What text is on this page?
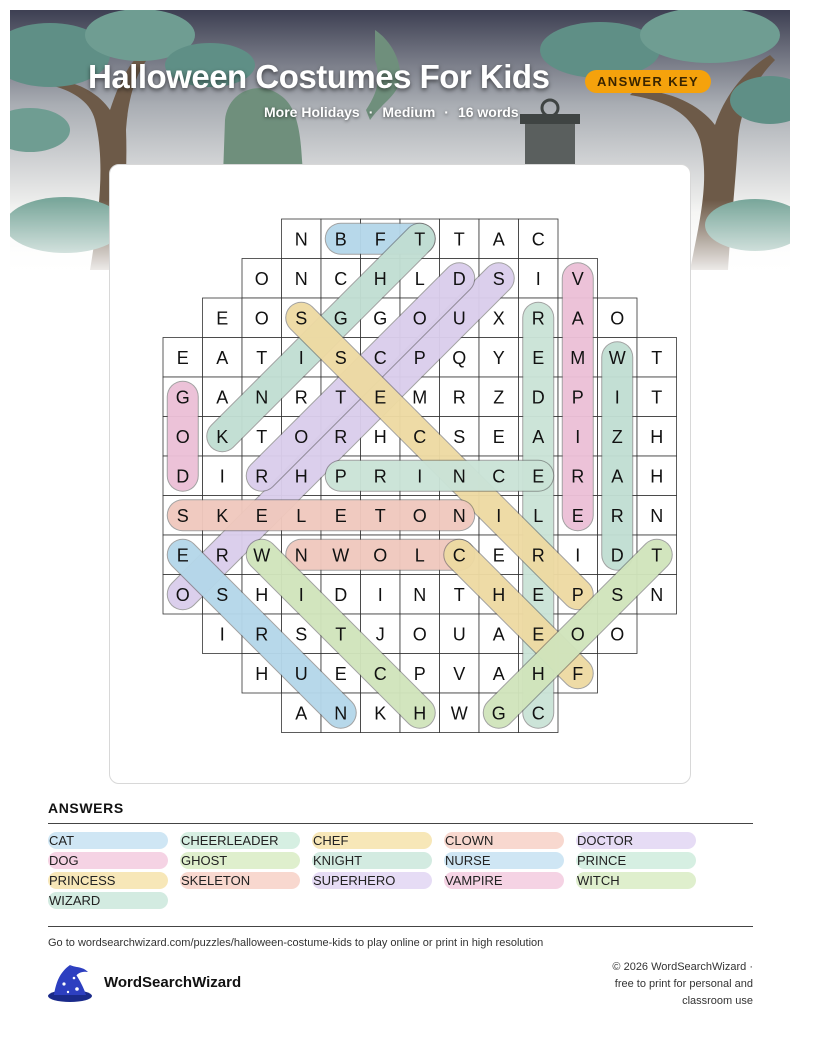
Halloween Costumes For Kids	ANSWER KEY
More Holidays · Medium · 16 words
N B F T T A C
O N C H L D S I V
E O S G G O U X R A O
E A T I S C P Q Y E M W T
G A N R T E M R Z D P I T
O K T O R H C S E A I Z H
D I R H P R I N C E R A H
S K E L E T O N I L E R N
E R W N W O L C E R I D T
O S H I D I N T H E P S N
I R S T J O U A E O O
H U E C P V A H F
A N K H W G C
ANSWERS
CAT	CHEERLEADER	CHEF	CLOWN	DOCTOR
DOG	GHOST	KNIGHT	NURSE	PRINCE
PRINCESS	SKELETON	SUPERHERO	VAMPIRE	WITCH
WIZARD
Go to wordsearchwizard.com/puzzles/halloween-costume-kids to play online or print in high resolution
WordSearchWizard
© 2026 WordSearchWizard ·
free to print for personal and
classroom use
